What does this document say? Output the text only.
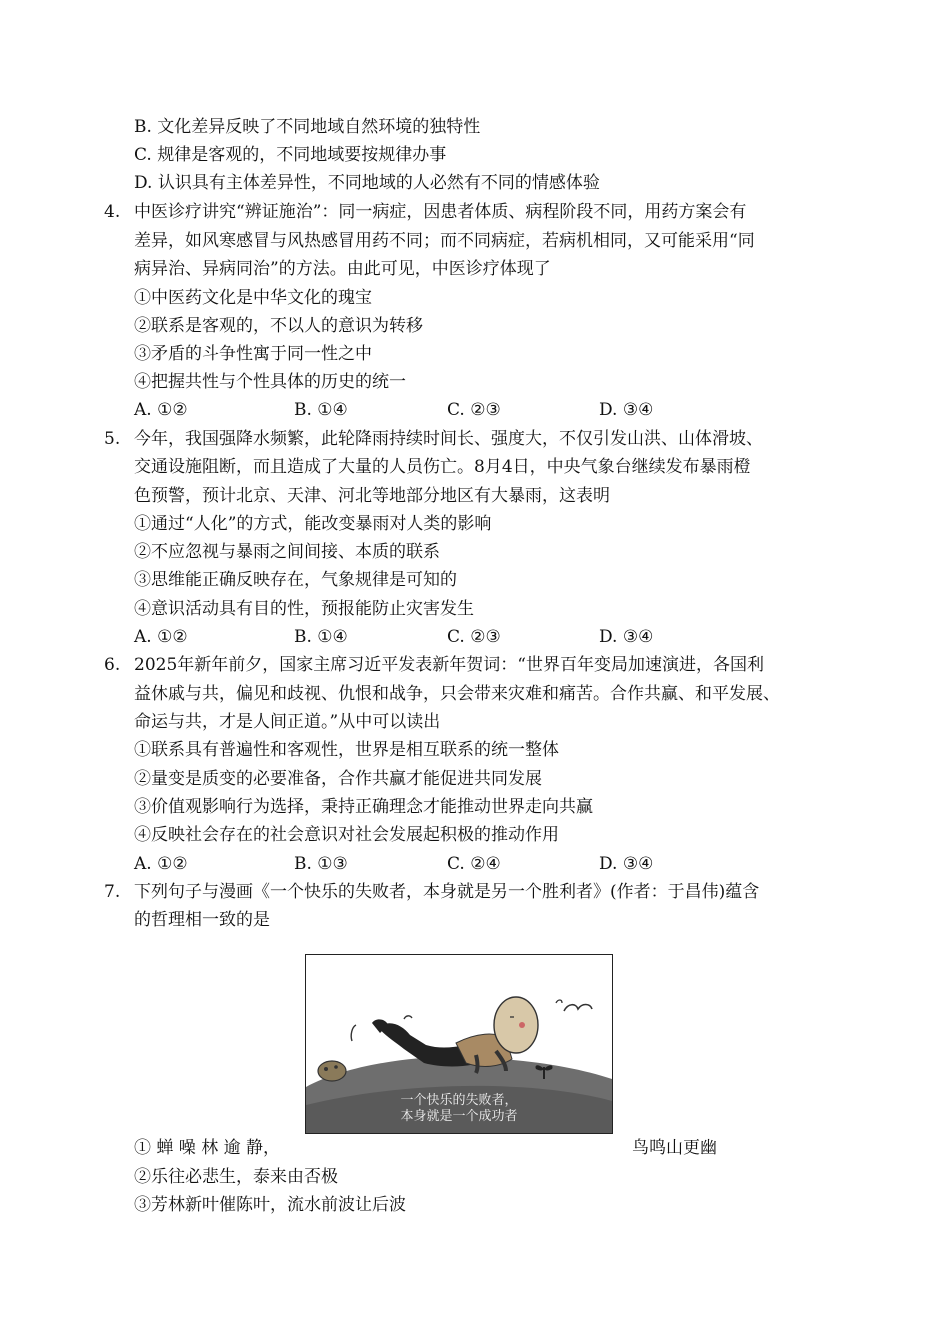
B. 文化差异反映了不同地域自然环境的独特性
C. 规律是客观的，不同地域要按规律办事
D. 认识具有主体差异性，不同地域的人必然有不同的情感体验
4. 中医诊疗讲究“辨证施治”：同一病症，因患者体质、病程阶段不同，用药方案会有
差异，如风寒感冒与风热感冒用药不同；而不同病症，若病机相同，又可能采用“同
病异治、异病同治”的方法。由此可见，中医诊疗体现了
①中医药文化是中华文化的瑰宝
②联系是客观的，不以人的意识为转移
③矛盾的斗争性寓于同一性之中
④把握共性与个性具体的历史的统一
A. ①②	B. ①④	C. ②③	D. ③④
5. 今年，我国强降水频繁，此轮降雨持续时间长、强度大，不仅引发山洪、山体滑坡、
交通设施阻断，而且造成了大量的人员伤亡。8月4日，中央气象台继续发布暴雨橙
色预警，预计北京、天津、河北等地部分地区有大暴雨，这表明
①通过“人化”的方式，能改变暴雨对人类的影响
②不应忽视与暴雨之间间接、本质的联系
③思维能正确反映存在，气象规律是可知的
④意识活动具有目的性，预报能防止灾害发生
A. ①②	B. ①④	C. ②③	D. ③④
6. 2025年新年前夕，国家主席习近平发表新年贺词：“世界百年变局加速演进，各国利
益休戚与共，偏见和歧视、仇恨和战争，只会带来灾难和痛苦。合作共赢、和平发展、
命运与共，才是人间正道。”从中可以读出
①联系具有普遍性和客观性，世界是相互联系的统一整体
②量变是质变的必要准备，合作共赢才能促进共同发展
③价值观影响行为选择，秉持正确理念才能推动世界走向共赢
④反映社会存在的社会意识对社会发展起积极的推动作用
A. ①②	B. ①③	C. ②④	D. ③④
7. 下列句子与漫画《一个快乐的失败者，本身就是另一个胜利者》(作者：于昌伟)蕴含
的哲理相一致的是
一个快乐的失败者，
本身就是一个成功者
① 蝉 噪 林 逾 静，	鸟鸣山更幽
②乐往必悲生，泰来由否极
③芳林新叶催陈叶，流水前波让后波
